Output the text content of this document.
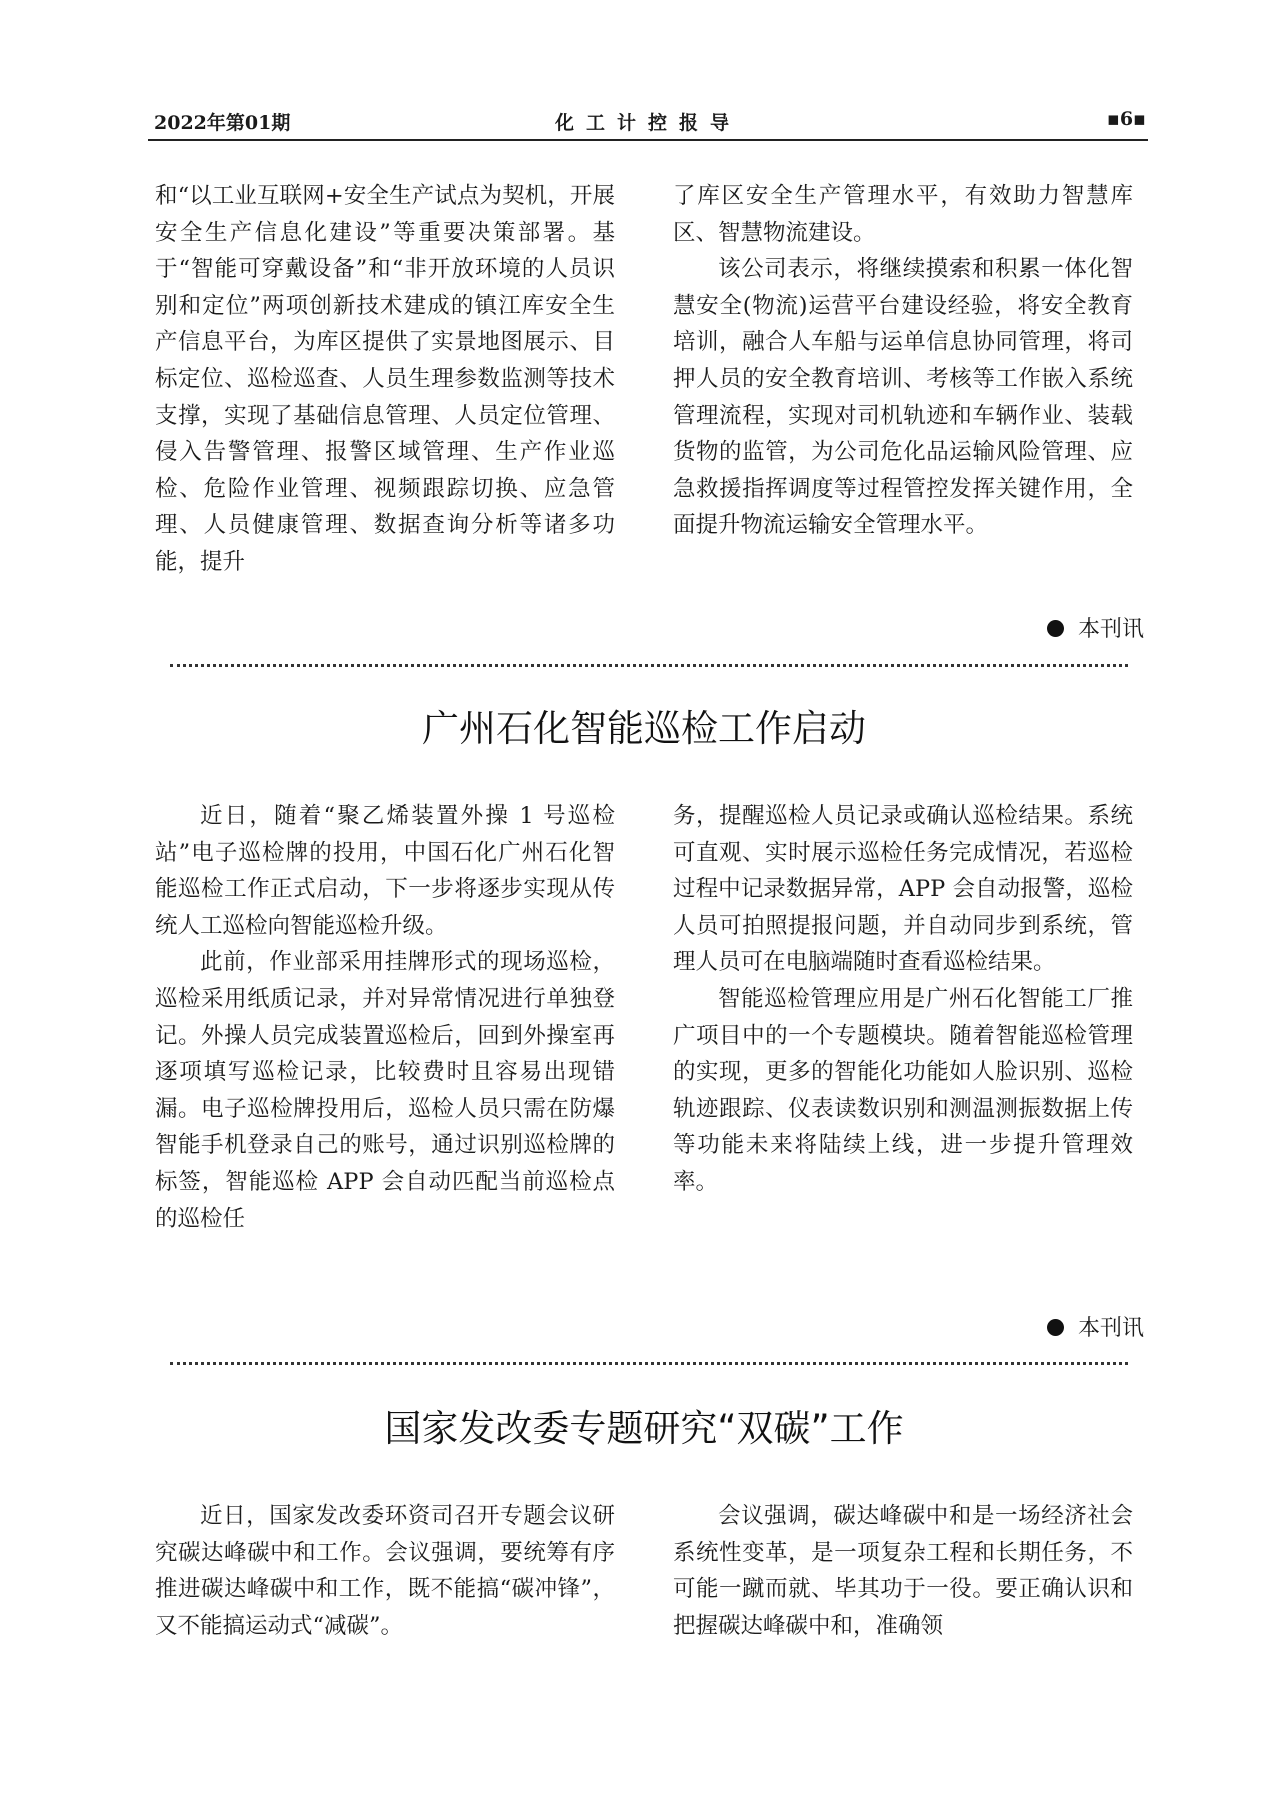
2022年第01期	化工计控报导	▪6▪

和“以工业互联网+安全生产试点为契机，开展安全生产信息化建设”等重要决策部署。基于“智能可穿戴设备”和“非开放环境的人员识别和定位”两项创新技术建成的镇江库安全生产信息平台，为库区提供了实景地图展示、目标定位、巡检巡查、人员生理参数监测等技术支撑，实现了基础信息管理、人员定位管理、侵入告警管理、报警区域管理、生产作业巡检、危险作业管理、视频跟踪切换、应急管理、人员健康管理、数据查询分析等诸多功能，提升

了库区安全生产管理水平，有效助力智慧库区、智慧物流建设。

该公司表示，将继续摸索和积累一体化智慧安全(物流)运营平台建设经验，将安全教育培训，融合人车船与运单信息协同管理，将司押人员的安全教育培训、考核等工作嵌入系统管理流程，实现对司机轨迹和车辆作业、装载货物的监管，为公司危化品运输风险管理、应急救援指挥调度等过程管控发挥关键作用，全面提升物流运输安全管理水平。

本刊讯
广州石化智能巡检工作启动

近日，随着“聚乙烯装置外操 1 号巡检站”电子巡检牌的投用，中国石化广州石化智能巡检工作正式启动，下一步将逐步实现从传统人工巡检向智能巡检升级。

此前，作业部采用挂牌形式的现场巡检，巡检采用纸质记录，并对异常情况进行单独登记。外操人员完成装置巡检后，回到外操室再逐项填写巡检记录，比较费时且容易出现错漏。电子巡检牌投用后，巡检人员只需在防爆智能手机登录自己的账号，通过识别巡检牌的标签，智能巡检 APP 会自动匹配当前巡检点的巡检任

务，提醒巡检人员记录或确认巡检结果。系统可直观、实时展示巡检任务完成情况，若巡检过程中记录数据异常，APP 会自动报警，巡检人员可拍照提报问题，并自动同步到系统，管理人员可在电脑端随时查看巡检结果。

智能巡检管理应用是广州石化智能工厂推广项目中的一个专题模块。随着智能巡检管理的实现，更多的智能化功能如人脸识别、巡检轨迹跟踪、仪表读数识别和测温测振数据上传等功能未来将陆续上线，进一步提升管理效率。

本刊讯
国家发改委专题研究“双碳”工作

近日，国家发改委环资司召开专题会议研究碳达峰碳中和工作。会议强调，要统筹有序推进碳达峰碳中和工作，既不能搞“碳冲锋”，又不能搞运动式“减碳”。

会议强调，碳达峰碳中和是一场经济社会系统性变革，是一项复杂工程和长期任务，不可能一蹴而就、毕其功于一役。要正确认识和把握碳达峰碳中和，准确领
